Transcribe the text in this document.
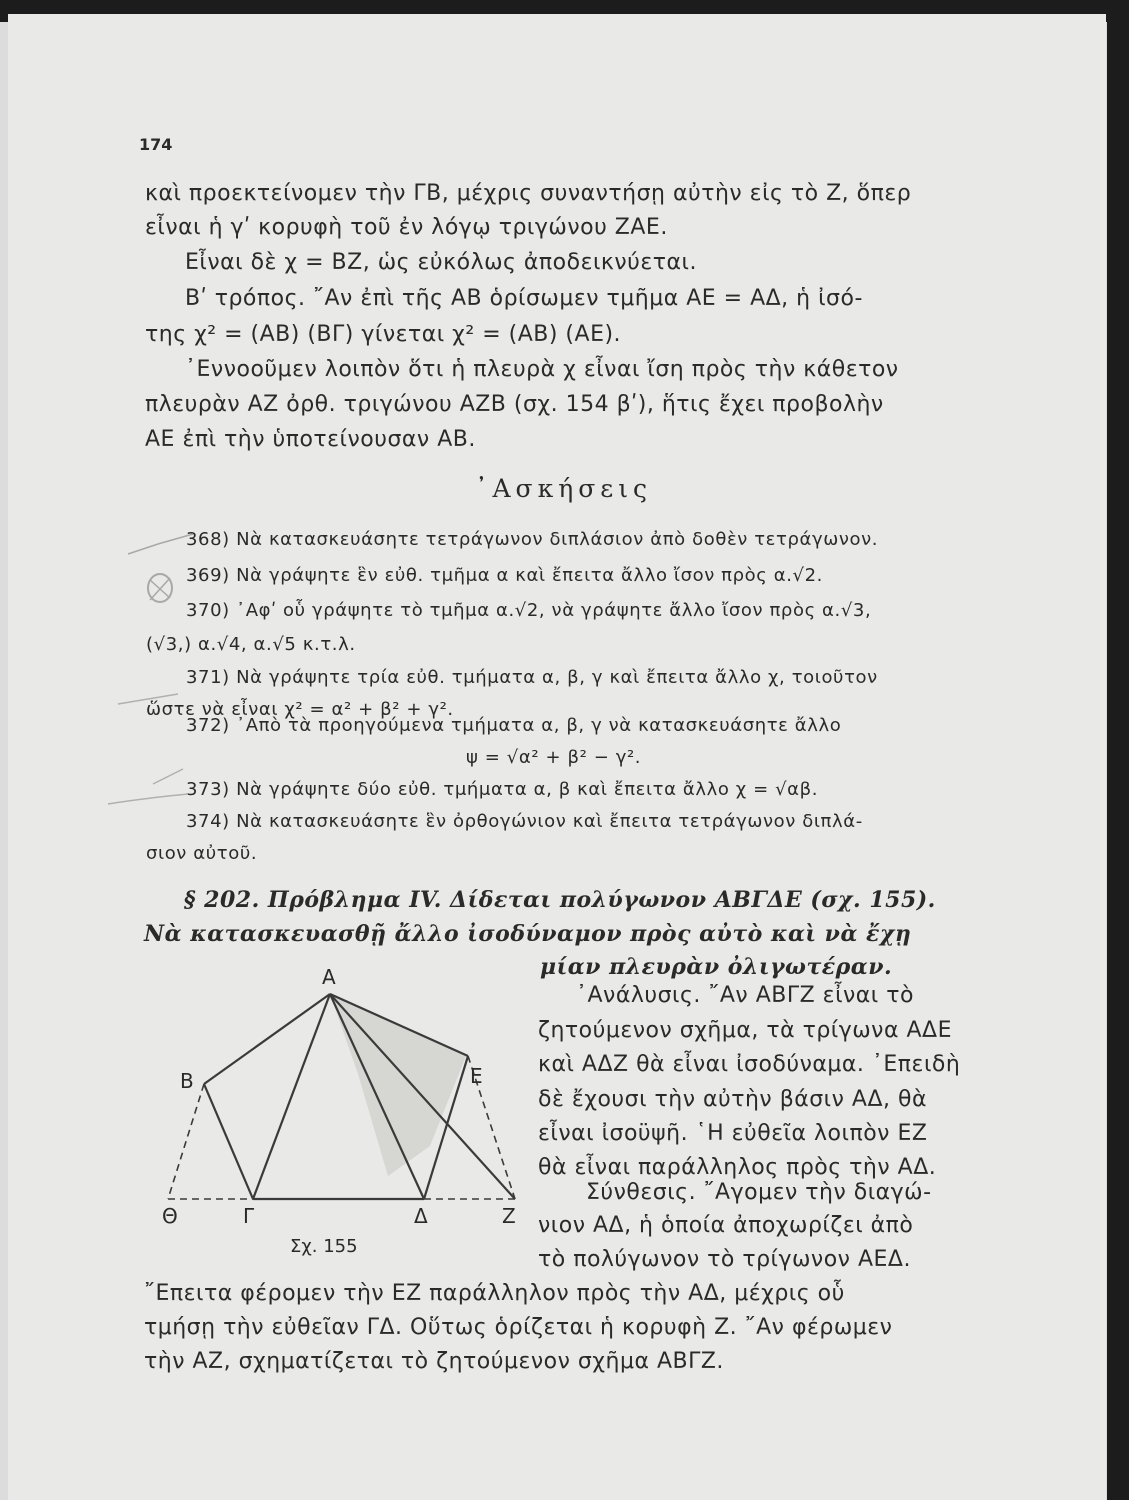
174
καὶ προεκτείνομεν τὴν ΓΒ, μέχρις συναντήσῃ αὐτὴν εἰς τὸ Ζ, ὅπερ
εἶναι ἡ γʹ κορυφὴ τοῦ ἐν λόγῳ τριγώνου ΖΑΕ.
Εἶναι δὲ χ = ΒΖ, ὡς εὐκόλως ἀποδεικνύεται.
Βʹ τρόπος. ῎Αν ἐπὶ τῆς ΑΒ ὁρίσωμεν τμῆμα ΑΕ = ΑΔ, ἡ ἰσό-
της χ² = (ΑΒ) (ΒΓ) γίνεται χ² = (ΑΒ) (ΑΕ).
᾿Εννοοῦμεν λοιπὸν ὅτι ἡ πλευρὰ χ εἶναι ἴση πρὸς τὴν κάθετον
πλευρὰν ΑΖ ὀρθ. τριγώνου ΑΖΒ (σχ. 154 βʹ), ἥτις ἔχει προβολὴν
ΑΕ ἐπὶ τὴν ὑποτείνουσαν ΑΒ.
᾿Ασκήσεις
368) Νὰ κατασκευάσητε τετράγωνον διπλάσιον ἀπὸ δοθὲν τετράγωνον.
369) Νὰ γράψητε ἓν εὐθ. τμῆμα α καὶ ἔπειτα ἄλλο ἴσον πρὸς α.√2.
370) ᾿Αφʹ οὗ γράψητε τὸ τμῆμα α.√2, νὰ γράψητε ἄλλο ἴσον πρὸς α.√3,
(√3,) α.√4, α.√5 κ.τ.λ.
371) Νὰ γράψητε τρία εὐθ. τμήματα α, β, γ καὶ ἔπειτα ἄλλο χ, τοιοῦτον
ὥστε νὰ εἶναι χ² = α² + β² + γ².
372) ᾿Απὸ τὰ προηγούμενα τμήματα α, β, γ νὰ κατασκευάσητε ἄλλο
ψ = √α² + β² − γ².
373) Νὰ γράψητε δύο εὐθ. τμήματα α, β καὶ ἔπειτα ἄλλο χ = √αβ.
374) Νὰ κατασκευάσητε ἓν ὀρθογώνιον καὶ ἔπειτα τετράγωνον διπλά-
σιον αὐτοῦ.
§ 202. Πρόβλημα IV. Δίδεται πολύγωνον ΑΒΓΔΕ (σχ. 155).
Νὰ κατασκευασθῇ ἄλλο ἰσοδύναμον πρὸς αὐτὸ καὶ νὰ ἔχῃ
μίαν πλευρὰν ὀλιγωτέραν.
᾿Ανάλυσις. ῎Αν ΑΒΓΖ εἶναι τὸ
ζητούμενον σχῆμα, τὰ τρίγωνα ΑΔΕ
καὶ ΑΔΖ θὰ εἶναι ἰσοδύναμα. ᾿Επειδὴ
δὲ ἔχουσι τὴν αὐτὴν βάσιν ΑΔ, θὰ
εἶναι ἰσοϋψῆ. ῾Η εὐθεῖα λοιπὸν ΕΖ
θὰ εἶναι παράλληλος πρὸς τὴν ΑΔ.
Σύνθεσις. ῎Αγομεν τὴν διαγώ-
νιον ΑΔ, ἡ ὁποία ἀποχωρίζει ἀπὸ
τὸ πολύγωνον τὸ τρίγωνον ΑΕΔ.
῎Επειτα φέρομεν τὴν ΕΖ παράλληλον πρὸς τὴν ΑΔ, μέχρις οὗ
τμήσῃ τὴν εὐθεῖαν ΓΔ. Οὕτως ὁρίζεται ἡ κορυφὴ Ζ. ῎Αν φέρωμεν
τὴν ΑΖ, σχηματίζεται τὸ ζητούμενον σχῆμα ΑΒΓΖ.
Α
Β	Ε
Θ	Γ	Δ	Ζ
Σχ. 155
